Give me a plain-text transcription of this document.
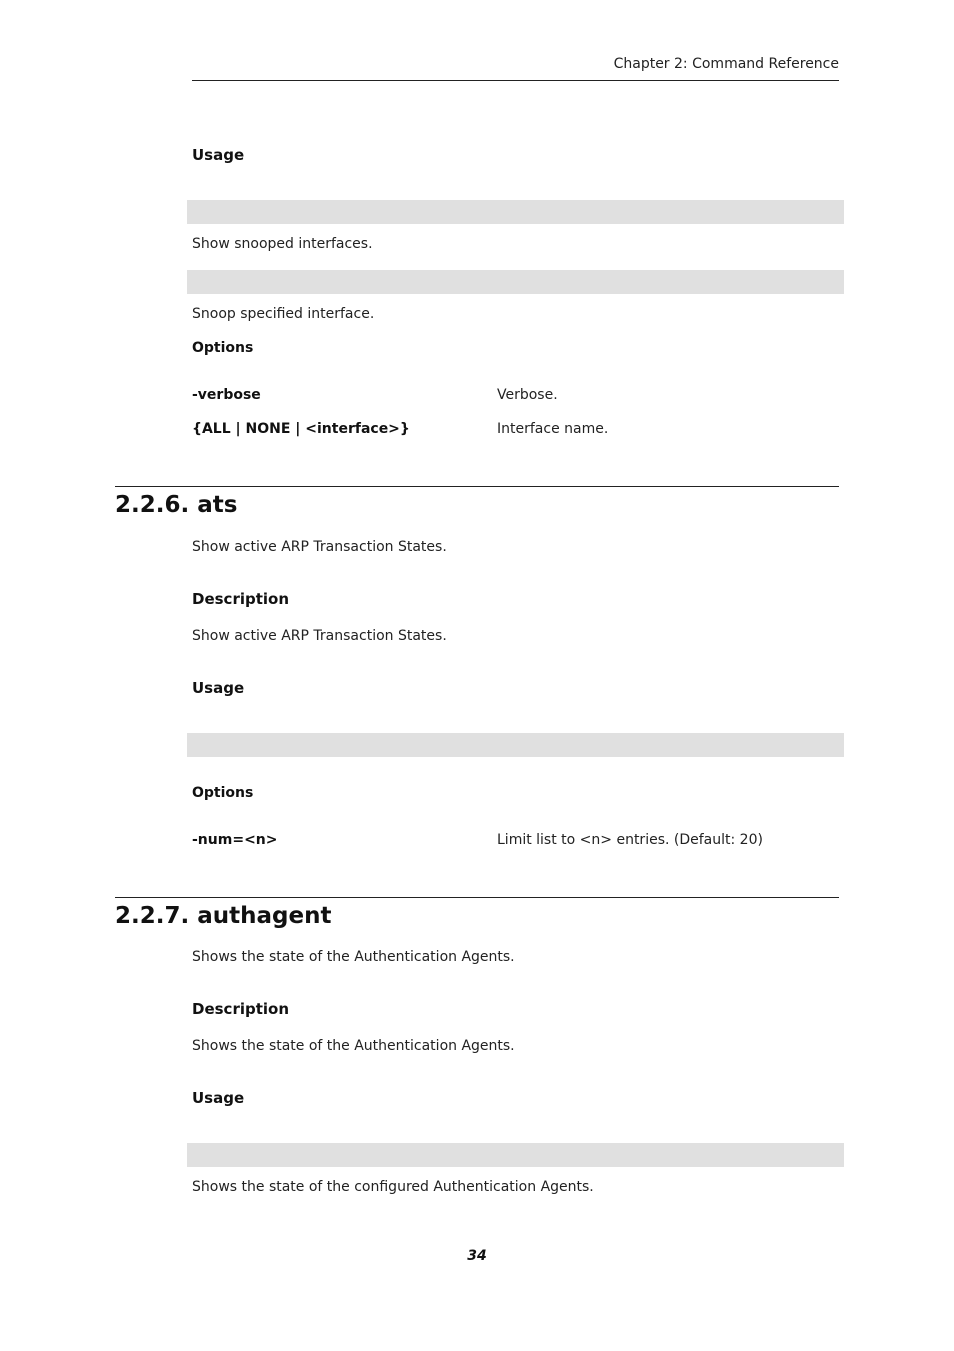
Chapter 2: Command Reference
Usage
Show snooped interfaces.
Snoop specified interface.
Options
-verbose	Verbose.
{ALL | NONE | <interface>}	Interface name.
2.2.6. ats
Show active ARP Transaction States.
Description
Show active ARP Transaction States.
Usage
Options
-num=<n>	Limit list to <n> entries. (Default: 20)
2.2.7. authagent
Shows the state of the Authentication Agents.
Description
Shows the state of the Authentication Agents.
Usage
Shows the state of the configured Authentication Agents.
34
